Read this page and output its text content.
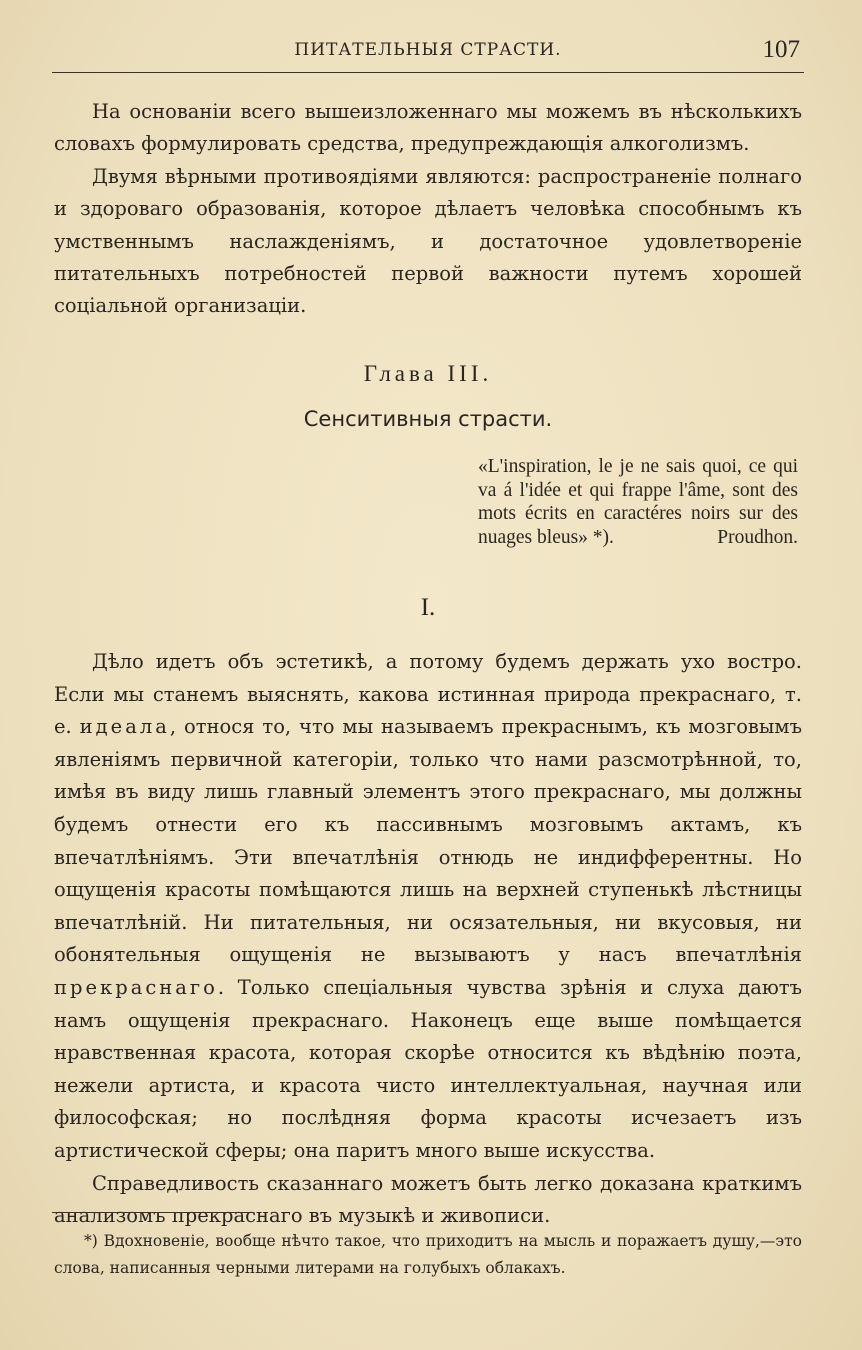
ПИТАТЕЛЬНЫЯ СТРАСТИ.	107

На основаніи всего вышеизложеннаго мы можемъ въ нѣсколькихъ словахъ формулировать средства, предупреждающія алкоголизмъ.

Двумя вѣрными противоядіями являются: распространеніе полнаго и здороваго образованія, которое дѣлаетъ человѣка способнымъ къ умственнымъ наслажденіямъ, и достаточное удовлетвореніе питательныхъ потребностей первой важности путемъ хорошей соціальной организаціи.

Глава III.
Сенситивныя страсти.
«L'inspiration, le je ne sais quoi, ce qui va á l'idée et qui frappe l'âme, sont des mots écrits en caractéres noirs sur des nuages bleus» *).	Proudhon.
I.

Дѣло идетъ объ эстетикѣ, а потому будемъ держать ухо востро. Если мы станемъ выяснять, какова истинная природа прекраснаго, т. е. идеала, относя то, что мы называемъ прекраснымъ, къ мозговымъ явленіямъ первичной категоріи, только что нами разсмотрѣнной, то, имѣя въ виду лишь главный элементъ этого прекраснаго, мы должны будемъ отнести его къ пассивнымъ мозговымъ актамъ, къ впечатлѣніямъ. Эти впечатлѣнія отнюдь не индифферентны. Но ощущенія красоты помѣщаются лишь на верхней ступенькѣ лѣстницы впечатлѣній. Ни питательныя, ни осязательныя, ни вкусовыя, ни обонятельныя ощущенія не вызываютъ у насъ впечатлѣнія прекраснаго. Только спеціальныя чувства зрѣнія и слуха даютъ намъ ощущенія прекраснаго. Наконецъ еще выше помѣщается нравственная красота, которая скорѣе относится къ вѣдѣнію поэта, нежели артиста, и красота чисто интеллектуальная, научная или философская; но послѣдняя форма красоты исчезаетъ изъ артистической сферы; она паритъ много выше искусства.

Справедливость сказаннаго можетъ быть легко доказана краткимъ анализомъ прекраснаго въ музыкѣ и живописи.

*) Вдохновеніе, вообще нѣчто такое, что приходитъ на мысль и поражаетъ душу,—это слова, написанныя черными литерами на голубыхъ облакахъ.
